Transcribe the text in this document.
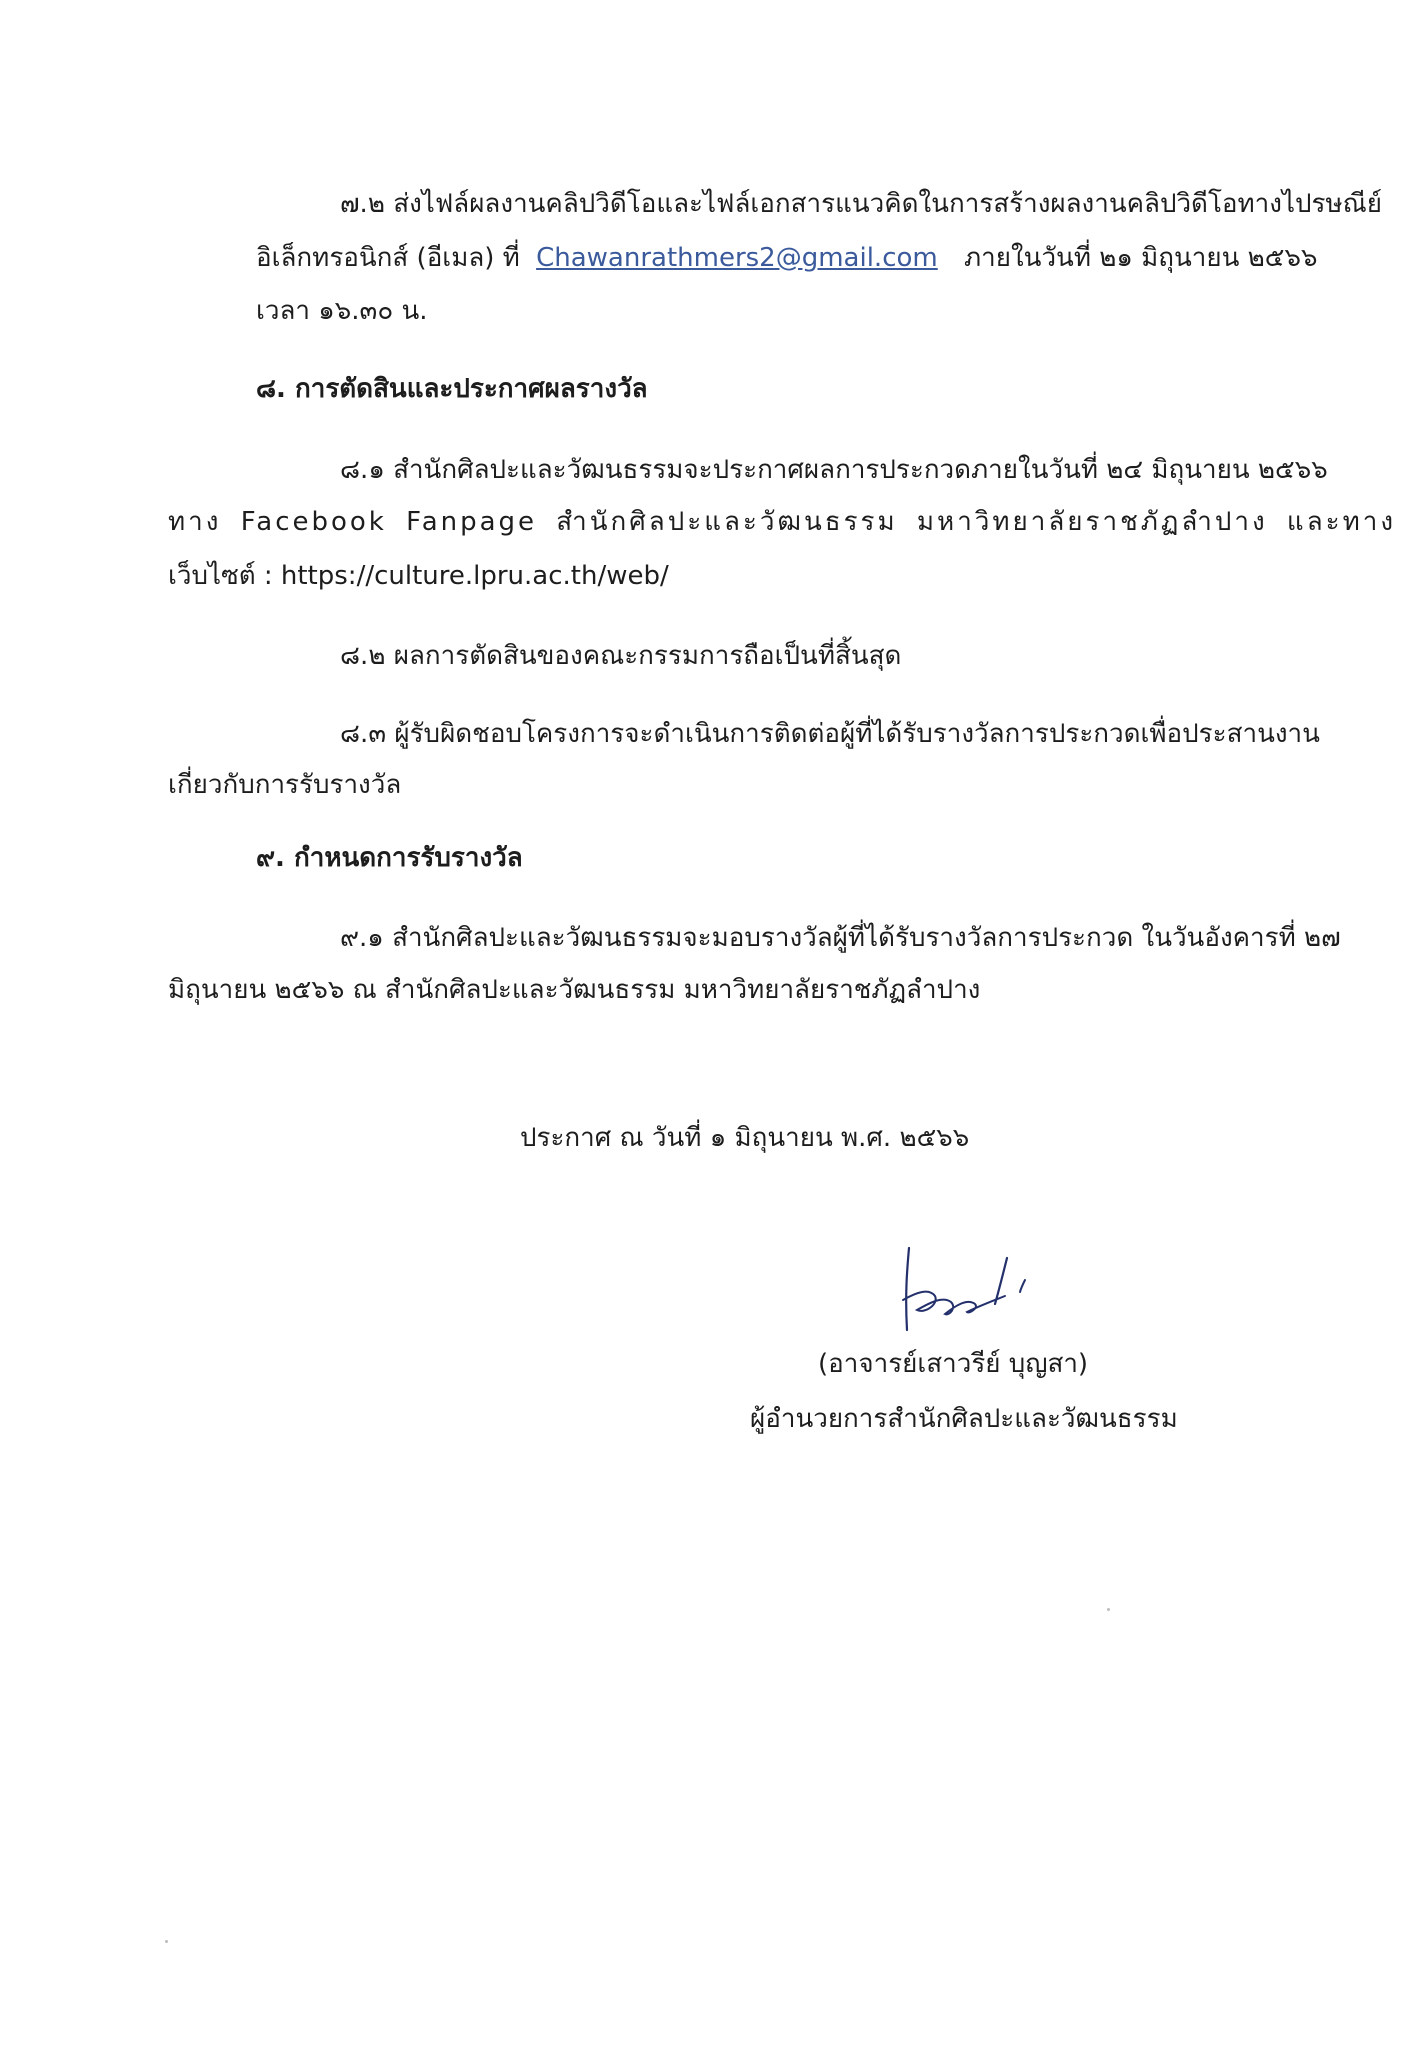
๗.๒ ส่งไฟล์ผลงานคลิปวิดีโอและไฟล์เอกสารแนวคิดในการสร้างผลงานคลิปวิดีโอทางไปรษณีย์
อิเล็กทรอนิกส์ (อีเมล) ที่ Chawanrathmers2@gmail.com ภายในวันที่ ๒๑ มิถุนายน ๒๕๖๖
เวลา ๑๖.๓๐ น.
๘. การตัดสินและประกาศผลรางวัล
๘.๑ สำนักศิลปะและวัฒนธรรมจะประกาศผลการประกวดภายในวันที่ ๒๔ มิถุนายน ๒๕๖๖
ทาง Facebook Fanpage สำนักศิลปะและวัฒนธรรม มหาวิทยาลัยราชภัฏลำปาง และทาง
เว็บไซต์ : https://culture.lpru.ac.th/web/
๘.๒ ผลการตัดสินของคณะกรรมการถือเป็นที่สิ้นสุด
๘.๓ ผู้รับผิดชอบโครงการจะดำเนินการติดต่อผู้ที่ได้รับรางวัลการประกวดเพื่อประสานงาน
เกี่ยวกับการรับรางวัล
๙. กำหนดการรับรางวัล
๙.๑ สำนักศิลปะและวัฒนธรรมจะมอบรางวัลผู้ที่ได้รับรางวัลการประกวด ในวันอังคารที่ ๒๗
มิถุนายน ๒๕๖๖ ณ สำนักศิลปะและวัฒนธรรม มหาวิทยาลัยราชภัฏลำปาง
ประกาศ ณ วันที่ ๑ มิถุนายน พ.ศ. ๒๕๖๖
(อาจารย์เสาวรีย์ บุญสา)
ผู้อำนวยการสำนักศิลปะและวัฒนธรรม
